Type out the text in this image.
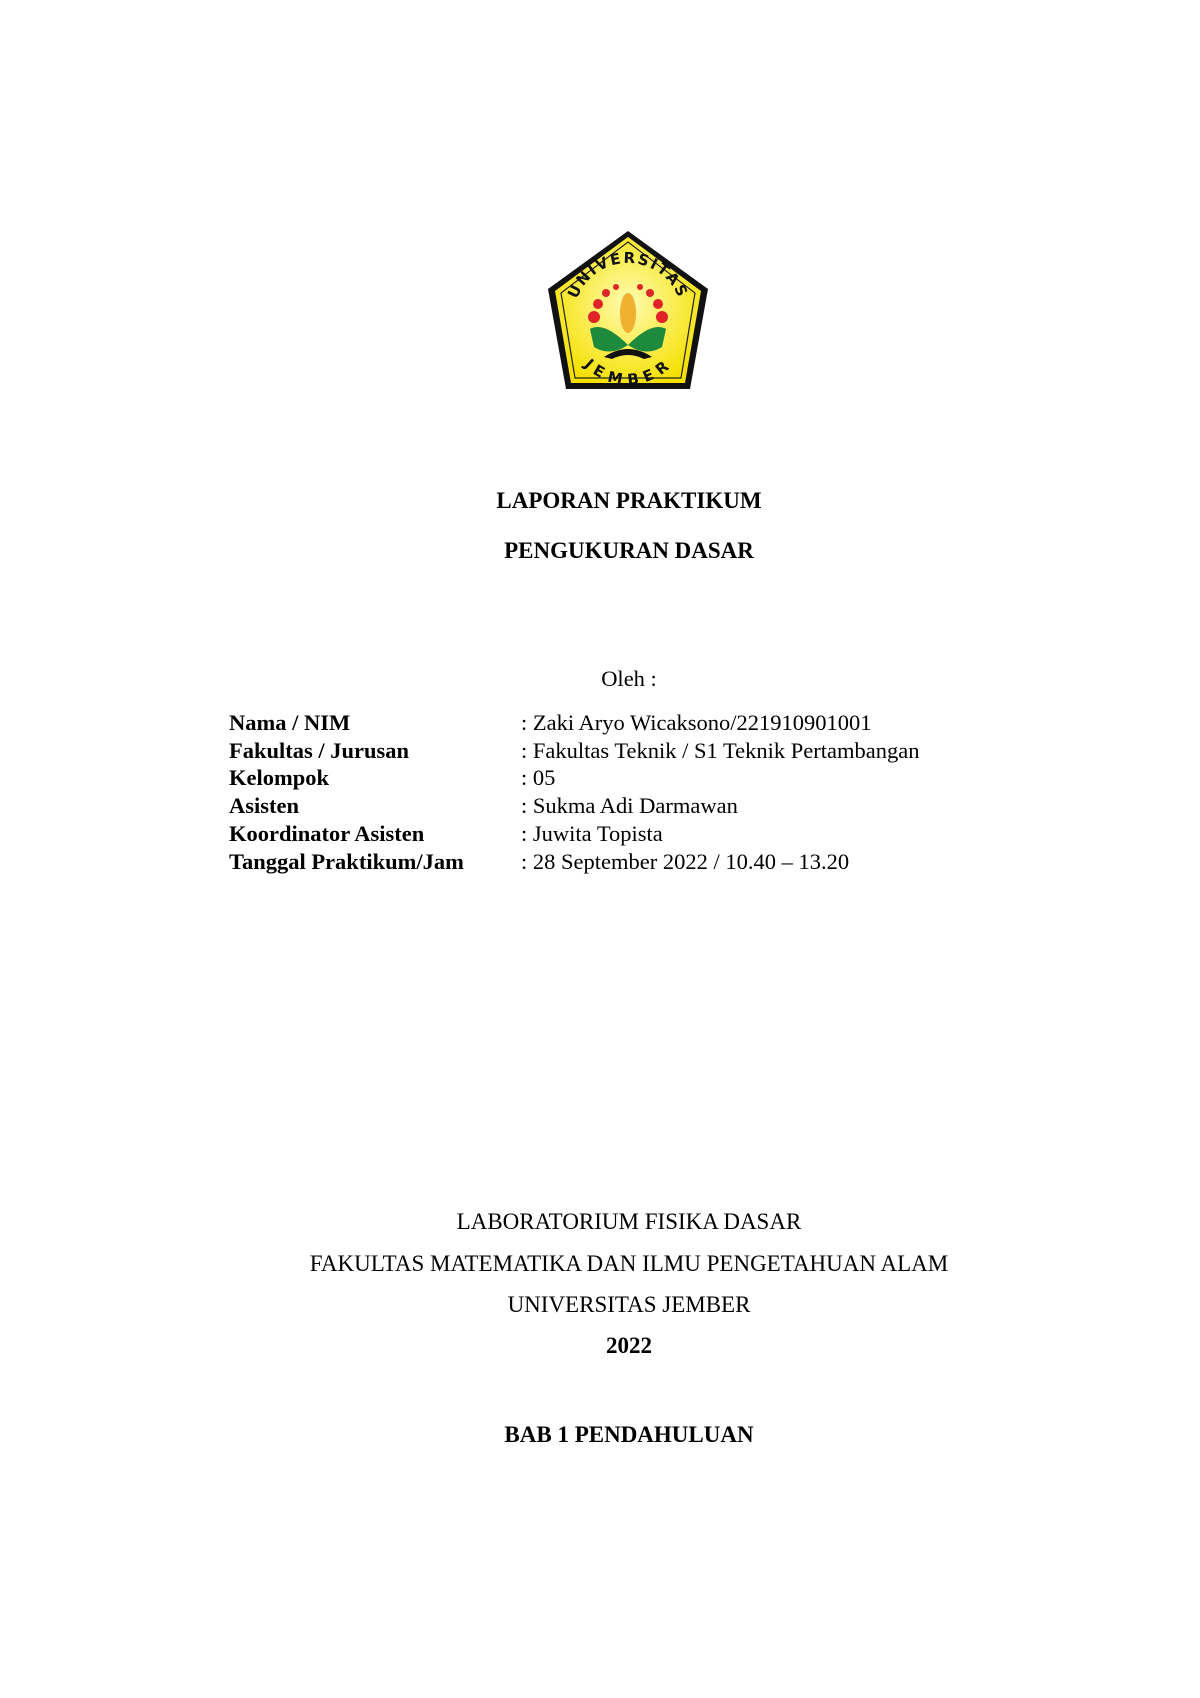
UNIVERSITAS
JEMBER
LAPORAN PRAKTIKUM
PENGUKURAN DASAR
Oleh :
Nama / NIM	: Zaki Aryo Wicaksono/221910901001
Fakultas / Jurusan	: Fakultas Teknik / S1 Teknik Pertambangan
Kelompok	: 05
Asisten	: Sukma Adi Darmawan
Koordinator Asisten	: Juwita Topista
Tanggal Praktikum/Jam	: 28 September 2022 / 10.40 – 13.20
LABORATORIUM FISIKA DASAR
FAKULTAS MATEMATIKA DAN ILMU PENGETAHUAN ALAM
UNIVERSITAS JEMBER
2022
BAB 1 PENDAHULUAN
